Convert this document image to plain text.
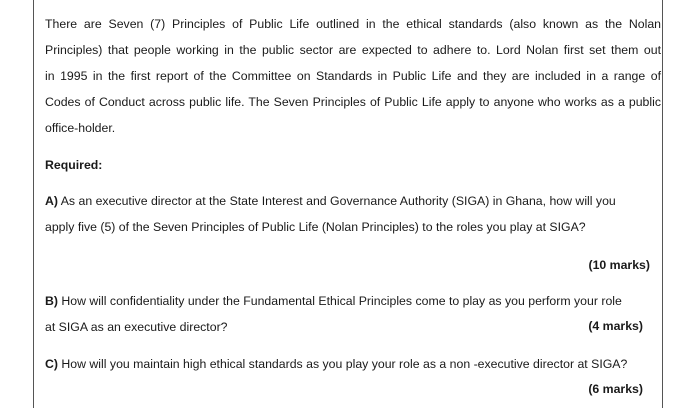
There are Seven (7) Principles of Public Life outlined in the ethical standards (also known as the Nolan

Principles) that people working in the public sector are expected to adhere to. Lord Nolan first set them out

in 1995 in the first report of the Committee on Standards in Public Life and they are included in a range of

Codes of Conduct across public life. The Seven Principles of Public Life apply to anyone who works as a public

office-holder.

Required:

A) As an executive director at the State Interest and Governance Authority (SIGA) in Ghana, how will you

apply five (5) of the Seven Principles of Public Life (Nolan Principles) to the roles you play at SIGA?

(10 marks)

B) How will confidentiality under the Fundamental Ethical Principles come to play as you perform your role

at SIGA as an executive director?	(4 marks)

C) How will you maintain high ethical standards as you play your role as a non -executive director at SIGA?

(6 marks)
